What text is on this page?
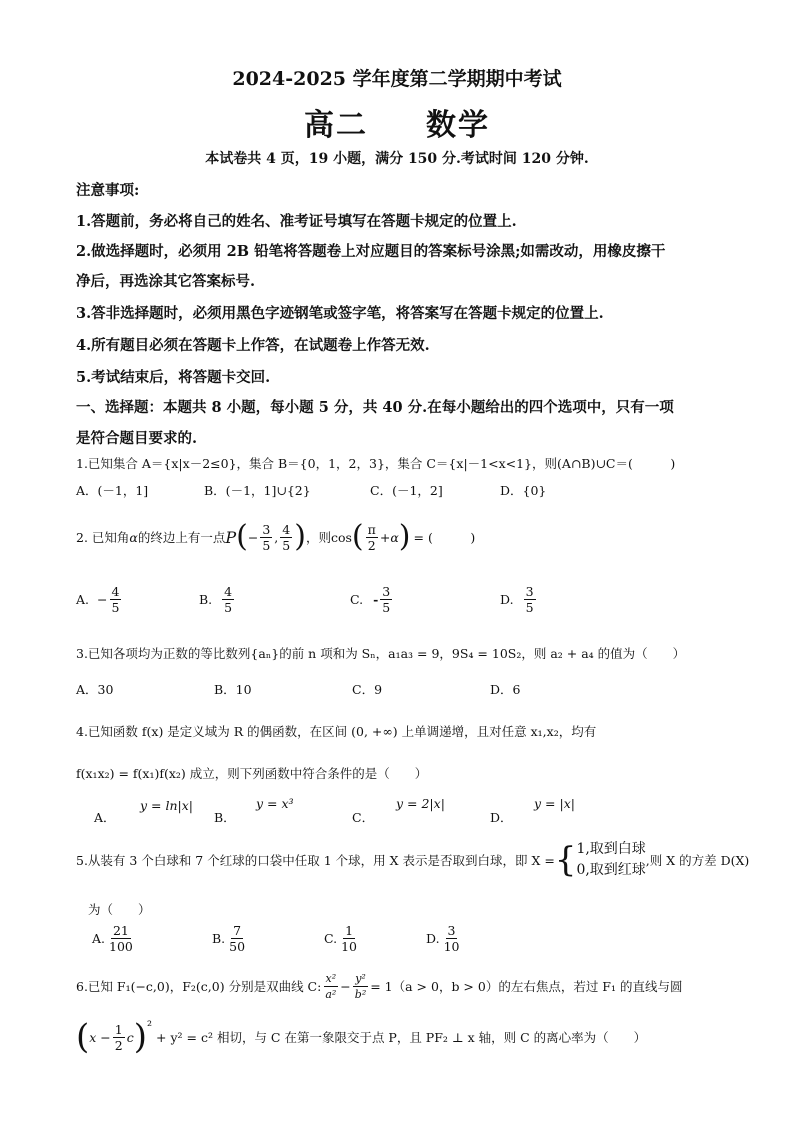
2024-2025 学年度第二学期期中考试
高二 数学
本试卷共 4 页，19 小题，满分 150 分.考试时间 120 分钟.
注意事项:
1.答题前，务必将自己的姓名、准考证号填写在答题卡规定的位置上.
2.做选择题时，必须用 2B 铅笔将答题卷上对应题目的答案标号涂黑;如需改动，用橡皮擦干
净后，再选涂其它答案标号.
3.答非选择题时，必须用黑色字迹钢笔或签字笔，将答案写在答题卡规定的位置上.
4.所有题目必须在答题卡上作答，在试题卷上作答无效.
5.考试结束后，将答题卡交回.
一、选择题：本题共 8 小题，每小题 5 分，共 40 分.在每小题给出的四个选项中，只有一项
是符合题目要求的.
1.已知集合 A＝{x|x－2≤0}，集合 B＝{0，1，2，3}，集合 C＝{x|－1<x<1}，则(A∩B)∪C＝(　　　)
A．(－1，1]	B．(－1，1]∪{2}	C．(－1，2]	D．{0}
2. 已知角 α 的终边上有一点 P ( − $\frac{3}{5}$ , $\frac{4}{5}$ ) ，则 cos ( $\frac{\pi}{2} + \alpha$ ) = (　　　)
A. − $\frac{4}{5}$	B. $\frac{4}{5}$	C. - $\frac{3}{5}$	D. $\frac{3}{5}$
3.已知各项均为正数的等比数列{aₙ}的前 n 项和为 Sₙ，a₁a₃ = 9，9S₄ = 10S₂，则 a₂ + a₄ 的值为（　　）
A．30	B．10	C．9	D．6
4.已知函数 f(x) 是定义域为 R 的偶函数，在区间 (0, +∞) 上单调递增，且对任意 x₁,x₂，均有
f(x₁x₂) = f(x₁)f(x₂) 成立，则下列函数中符合条件的是（　　）
A．
y = ln|x|
B．
y = x³
C．
y = 2|x|
D．
y = |x|
5.从装有 3 个白球和 7 个红球的口袋中任取 1 个球，用 X 表示是否取到白球，即 X = { 1,取到白球
0,取到红球
,则 X 的方差 D(X)
为（　　）
A. $\frac{21}{100}$	B. $\frac{7}{50}$	C. $\frac{1}{10}$	D. $\frac{3}{10}$
6.已知 F₁(−c,0)，F₂(c,0) 分别是双曲线 C: $\frac{\text{x²}}{\text{a²}} - \frac{\text{y²}}{\text{b²}} = 1(a > 0$，b > 0）的左右焦点，若过 F₁ 的直线与圆
( $x - \frac{1}{2}$ c ) ²
+ y² = c² 相切，与 C 在第一象限交于点 P，且 PF₂ ⊥ x 轴，则 C 的离心率为（　　）
